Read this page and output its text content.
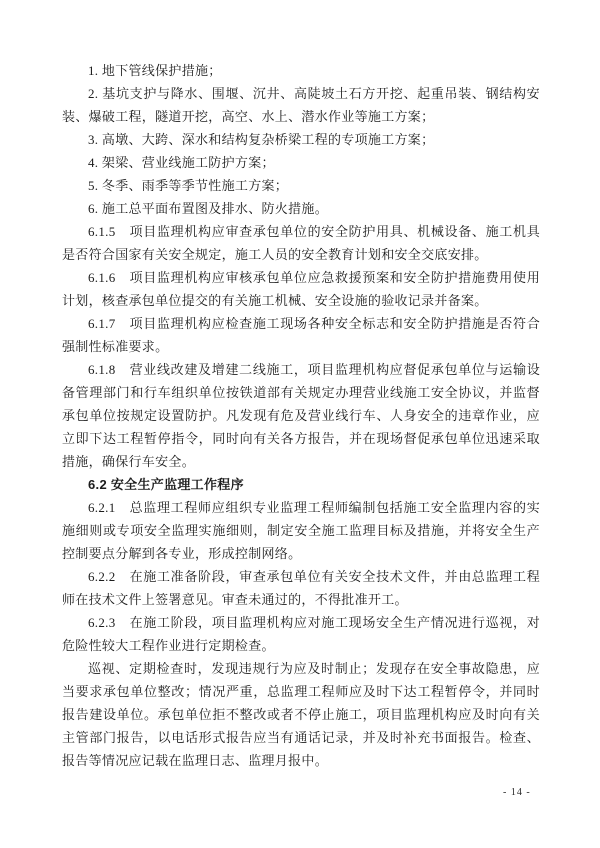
1. 地下管线保护措施；

2. 基坑支护与降水、围堰、沉井、高陡坡土石方开挖、起重吊装、钢结构安装、爆破工程，隧道开挖，高空、水上、潜水作业等施工方案；

3. 高墩、大跨、深水和结构复杂桥梁工程的专项施工方案；

4. 架梁、营业线施工防护方案；

5. 冬季、雨季等季节性施工方案；

6. 施工总平面布置图及排水、防火措施。

6.1.5　项目监理机构应审查承包单位的安全防护用具、机械设备、施工机具是否符合国家有关安全规定，施工人员的安全教育计划和安全交底安排。

6.1.6　项目监理机构应审核承包单位应急救援预案和安全防护措施费用使用计划，核查承包单位提交的有关施工机械、安全设施的验收记录并备案。

6.1.7　项目监理机构应检查施工现场各种安全标志和安全防护措施是否符合强制性标准要求。

6.1.8　营业线改建及增建二线施工，项目监理机构应督促承包单位与运输设备管理部门和行车组织单位按铁道部有关规定办理营业线施工安全协议，并监督承包单位按规定设置防护。凡发现有危及营业线行车、人身安全的违章作业，应立即下达工程暂停指令，同时向有关各方报告，并在现场督促承包单位迅速采取措施，确保行车安全。

6.2 安全生产监理工作程序

6.2.1　总监理工程师应组织专业监理工程师编制包括施工安全监理内容的实施细则或专项安全监理实施细则，制定安全施工监理目标及措施，并将安全生产控制要点分解到各专业，形成控制网络。

6.2.2　在施工准备阶段，审查承包单位有关安全技术文件，并由总监理工程师在技术文件上签署意见。审查未通过的，不得批准开工。

6.2.3　在施工阶段，项目监理机构应对施工现场安全生产情况进行巡视，对危险性较大工程作业进行定期检查。

巡视、定期检查时，发现违规行为应及时制止；发现存在安全事故隐患，应当要求承包单位整改；情况严重，总监理工程师应及时下达工程暂停令，并同时报告建设单位。承包单位拒不整改或者不停止施工，项目监理机构应及时向有关主管部门报告，以电话形式报告应当有通话记录，并及时补充书面报告。检查、报告等情况应记载在监理日志、监理月报中。

- 14 -
